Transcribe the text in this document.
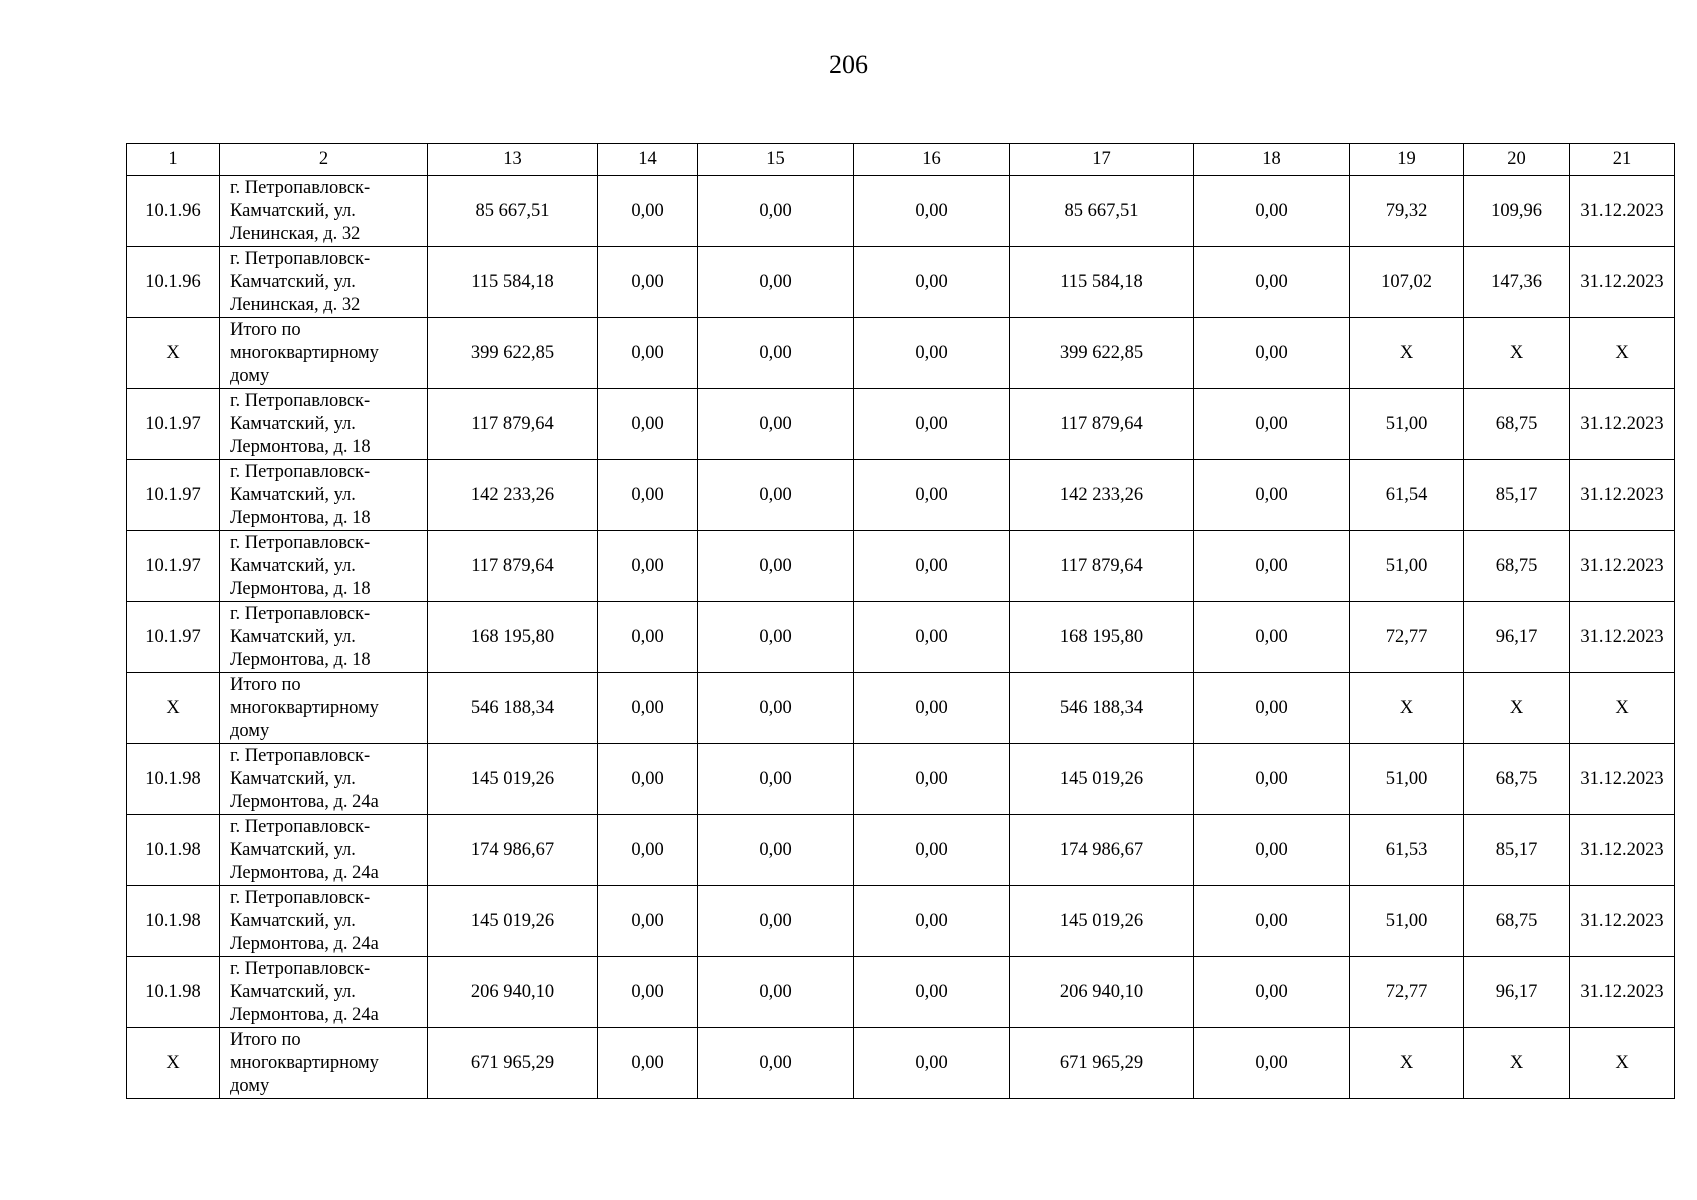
206
1	2	13	14	15	16	17	18	19	20	21
10.1.96	г. Петропавловск-
Камчатский, ул.
Ленинская, д. 32	85 667,51	0,00	0,00	0,00	85 667,51	0,00	79,32	109,96	31.12.2023
10.1.96	г. Петропавловск-
Камчатский, ул.
Ленинская, д. 32	115 584,18	0,00	0,00	0,00	115 584,18	0,00	107,02	147,36	31.12.2023
X	Итого по
многоквартирному
дому	399 622,85	0,00	0,00	0,00	399 622,85	0,00	X	X	X
10.1.97	г. Петропавловск-
Камчатский, ул.
Лермонтова, д. 18	117 879,64	0,00	0,00	0,00	117 879,64	0,00	51,00	68,75	31.12.2023
10.1.97	г. Петропавловск-
Камчатский, ул.
Лермонтова, д. 18	142 233,26	0,00	0,00	0,00	142 233,26	0,00	61,54	85,17	31.12.2023
10.1.97	г. Петропавловск-
Камчатский, ул.
Лермонтова, д. 18	117 879,64	0,00	0,00	0,00	117 879,64	0,00	51,00	68,75	31.12.2023
10.1.97	г. Петропавловск-
Камчатский, ул.
Лермонтова, д. 18	168 195,80	0,00	0,00	0,00	168 195,80	0,00	72,77	96,17	31.12.2023
X	Итого по
многоквартирному
дому	546 188,34	0,00	0,00	0,00	546 188,34	0,00	X	X	X
10.1.98	г. Петропавловск-
Камчатский, ул.
Лермонтова, д. 24а	145 019,26	0,00	0,00	0,00	145 019,26	0,00	51,00	68,75	31.12.2023
10.1.98	г. Петропавловск-
Камчатский, ул.
Лермонтова, д. 24а	174 986,67	0,00	0,00	0,00	174 986,67	0,00	61,53	85,17	31.12.2023
10.1.98	г. Петропавловск-
Камчатский, ул.
Лермонтова, д. 24а	145 019,26	0,00	0,00	0,00	145 019,26	0,00	51,00	68,75	31.12.2023
10.1.98	г. Петропавловск-
Камчатский, ул.
Лермонтова, д. 24а	206 940,10	0,00	0,00	0,00	206 940,10	0,00	72,77	96,17	31.12.2023
X	Итого по
многоквартирному
дому	671 965,29	0,00	0,00	0,00	671 965,29	0,00	X	X	X
